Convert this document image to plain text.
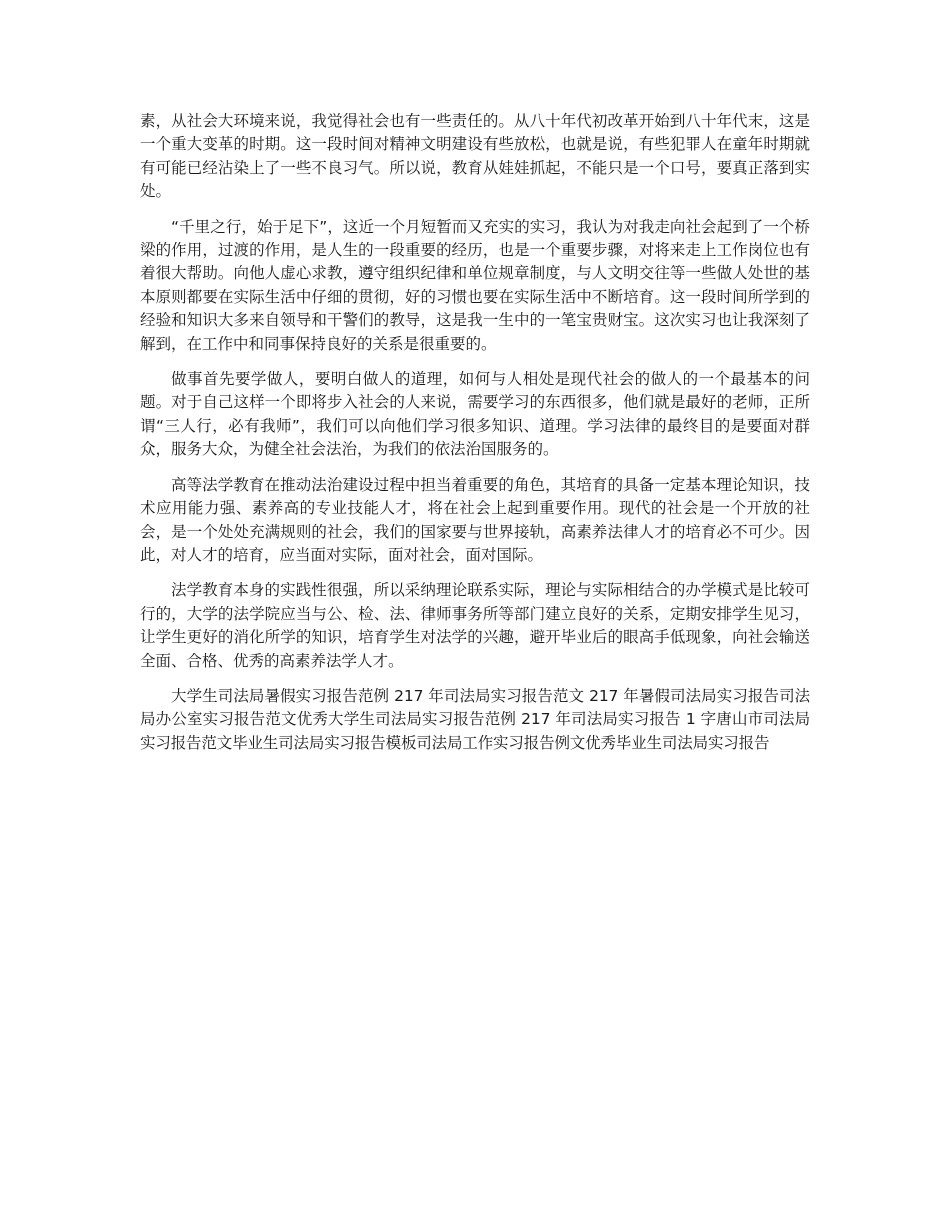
素，从社会大环境来说，我觉得社会也有一些责任的。从八十年代初改革开始到八十年代末，这是一个重大变革的时期。这一段时间对精神文明建设有些放松，也就是说，有些犯罪人在童年时期就有可能已经沾染上了一些不良习气。所以说，教育从娃娃抓起，不能只是一个口号，要真正落到实处。

“千里之行，始于足下”，这近一个月短暂而又充实的实习，我认为对我走向社会起到了一个桥梁的作用，过渡的作用，是人生的一段重要的经历，也是一个重要步骤，对将来走上工作岗位也有着很大帮助。向他人虚心求教，遵守组织纪律和单位规章制度，与人文明交往等一些做人处世的基本原则都要在实际生活中仔细的贯彻，好的习惯也要在实际生活中不断培育。这一段时间所学到的经验和知识大多来自领导和干警们的教导，这是我一生中的一笔宝贵财宝。这次实习也让我深刻了解到，在工作中和同事保持良好的关系是很重要的。

做事首先要学做人，要明白做人的道理，如何与人相处是现代社会的做人的一个最基本的问题。对于自己这样一个即将步入社会的人来说，需要学习的东西很多，他们就是最好的老师，正所谓“三人行，必有我师”，我们可以向他们学习很多知识、道理。学习法律的最终目的是要面对群众，服务大众，为健全社会法治，为我们的依法治国服务的。

高等法学教育在推动法治建设过程中担当着重要的角色，其培育的具备一定基本理论知识，技术应用能力强、素养高的专业技能人才，将在社会上起到重要作用。现代的社会是一个开放的社会，是一个处处充满规则的社会，我们的国家要与世界接轨，高素养法律人才的培育必不可少。因此，对人才的培育，应当面对实际，面对社会，面对国际。

法学教育本身的实践性很强，所以采纳理论联系实际，理论与实际相结合的办学模式是比较可行的，大学的法学院应当与公、检、法、律师事务所等部门建立良好的关系，定期安排学生见习，让学生更好的消化所学的知识，培育学生对法学的兴趣，避开毕业后的眼高手低现象，向社会输送全面、合格、优秀的高素养法学人才。

大学生司法局暑假实习报告范例 217 年司法局实习报告范文 217 年暑假司法局实习报告司法局办公室实习报告范文优秀大学生司法局实习报告范例 217 年司法局实习报告 1 字唐山市司法局实习报告范文毕业生司法局实习报告模板司法局工作实习报告例文优秀毕业生司法局实习报告
